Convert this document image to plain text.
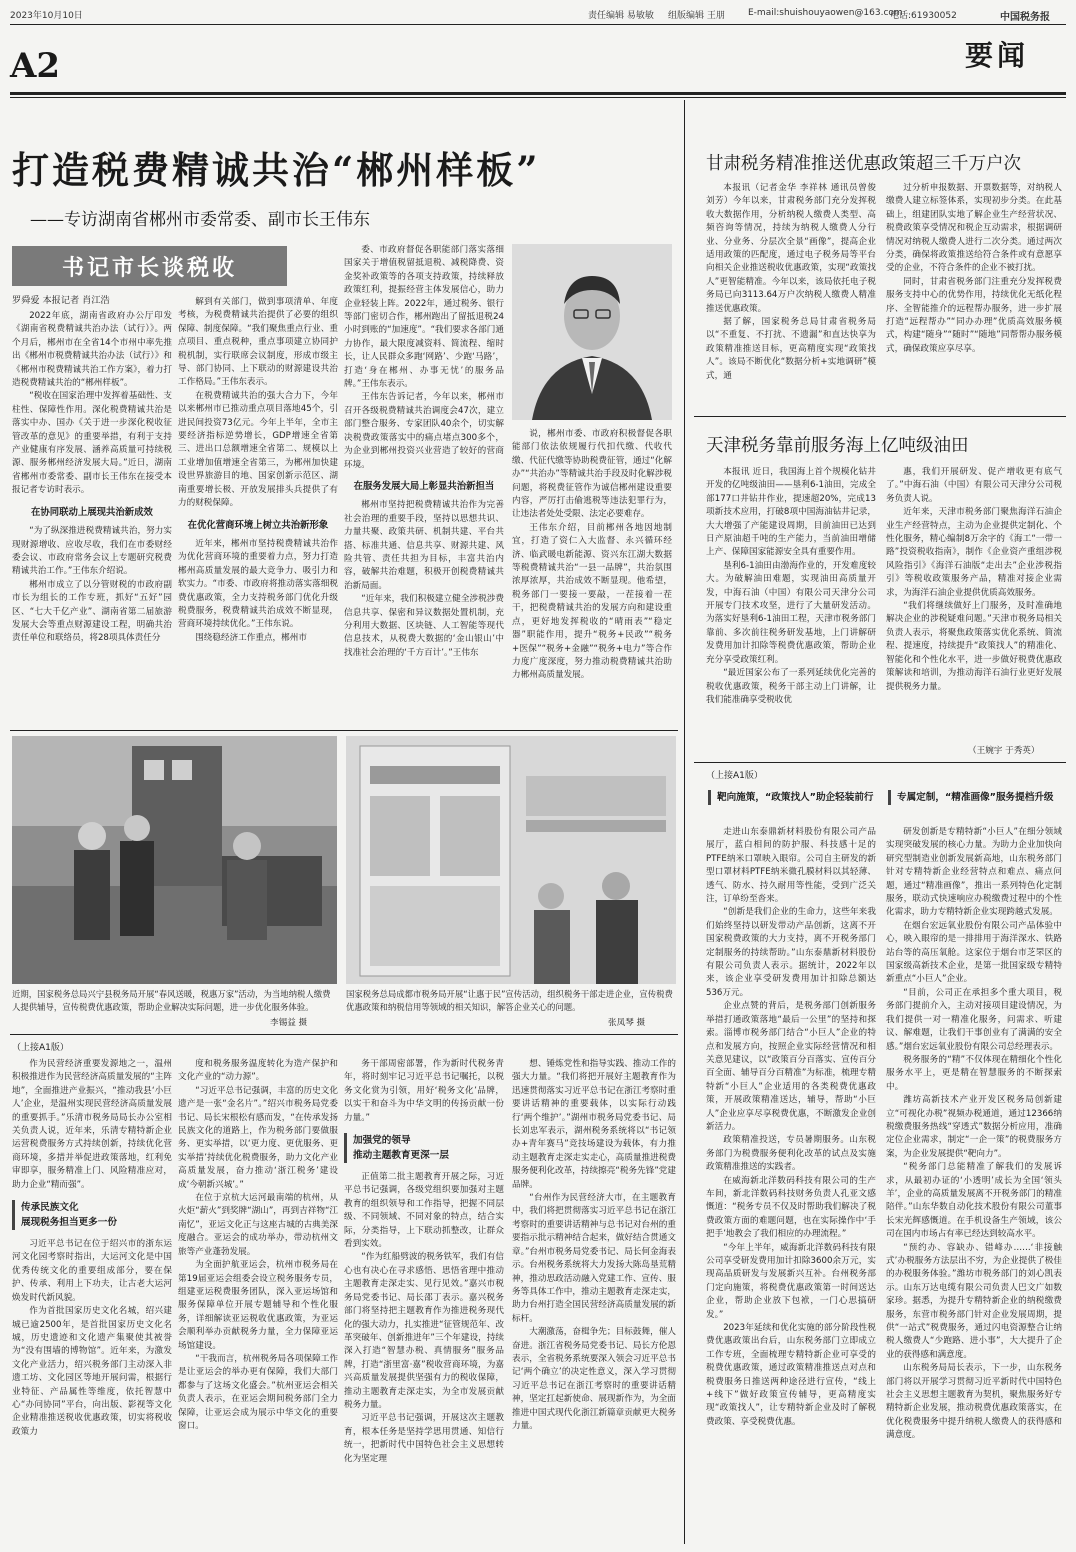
2023年10月10日	责任编辑 易敏敏 组版编辑 王朋	E-mail:shuishouyaowen@163.com
电话:61930052	中国税务报
A2	要闻
打造税费精诚共治“郴州样板”
——专访湖南省郴州市委常委、副市长王伟东
书记市长谈税收
罗舜爱 本报记者 肖江浩

2022年底，湖南省政府办公厅印发《湖南省税费精诚共治办法（试行）》。两个月后，郴州市在全省14个市州中率先推出《郴州市税费精诚共治办法（试行）》和《郴州市税费精诚共治工作方案》，着力打造税费精诚共治的“郴州样板”。

“税收在国家治理中发挥着基础性、支柱性、保障性作用。深化税费精诚共治是落实中办、国办《关于进一步深化税收征管改革的意见》的重要举措，有利于支持产业健康有序发展、涵养高质量可持续税源、服务郴州经济发展大局。”近日，湖南省郴州市委常委、副市长王伟东在接受本报记者专访时表示。

在协同联动上展现共治新成效

“为了纵深推进税费精诚共治，努力实现财源增收、应收尽收，我们在市委财经委会议、市政府常务会议上专题研究税费精诚共治工作。”王伟东介绍说。

郴州市成立了以分管财税的市政府副市长为组长的工作专班，抓好“五好”园区、“七大千亿产业”、湖南省第二届旅游发展大会等重点财源建设工程，明确共治责任单位和联络员，将28项具体责任分

解到有关部门，做到事项清单、年度考核，为税费精诚共治提供了必要的组织保障、制度保障。“我们聚焦重点行业、重点项目、重点税种，重点事项建立协同护税机制，实行联席会议制度，形成市级主导、部门协同、上下联动的财源建设共治工作格局。”王伟东表示。

在税费精诚共治的强大合力下，今年以来郴州市已推动重点项目落地45个，引进民间投资73亿元。今年上半年，全市主要经济指标逆势增长，GDP增速全省第三、进出口总额增速全省第二、规模以上工业增加值增速全省第三，为郴州加快建设世界旅游目的地、国家创新示范区、湖南重要增长极、开放发展排头兵提供了有力的财税保障。

在优化营商环境上树立共治新形象

近年来，郴州市坚持税费精诚共治作为优化营商环境的重要着力点，努力打造郴州高质量发展的最大竞争力、吸引力和软实力。“市委、市政府将推动落实落细税费优惠政策，全力支持税务部门优化升级税费服务，税费精诚共治成效不断显现，营商环境持续优化。”王伟东说。

围绕稳经济工作重点，郴州市

委、市政府督促各职能部门落实落细国家关于增值税留抵退税、减税降费、资金奖补政策等的各项支持政策，持续释放政策红利，提振经营主体发展信心，助力企业轻装上阵。2022年，通过税务、银行等部门密切合作，郴州跑出了留抵退税24小时到账的“加速度”。“我们要求各部门通力协作，最大限度减资料、简流程、缩时长，让人民群众多跑‘网路’、少跑‘马路’，打造‘身在郴州、办事无忧’的服务品牌。”王伟东表示。

王伟东告诉记者，今年以来，郴州市召开各级税费精诚共治调度会47次，建立部门整合服务、专家团队40余个，切实解决税费政策落实中的痛点堵点300多个，为企业到郴州投资兴业营造了较好的营商环境。

在服务发展大局上彰显共治新担当

郴州市坚持把税费精诚共治作为完善社会治理的重要手段，坚持以思想共识、力量共聚、政策共研、机制共建、平台共搭、标准共通、信息共享、财源共建、风险共管、责任共担为目标，丰富共治内容，破解共治难题，积极开创税费精诚共治新局面。

“近年来，我们积极建立健全涉税涉费信息共享、保密和异议数据处置机制，充分利用大数据、区块链、人工智能等现代信息技术，从税费大数据的‘金山银山’中找准社会治理的‘千方百计’。”王伟东

说，郴州市委、市政府积极督促各职能部门依法依规履行代扣代缴、代收代缴、代征代缴等协助税费征管，通过“化解办”“共治办”等精诚共治手段及时化解涉税问题，将税费征管作为诚信郴州建设重要内容，严厉打击偷逃税等违法犯罪行为，让违法者处处受限、法定必要难存。

王伟东介绍，目前郴州各地因地制宜，打造了资仁入大监督、永兴循环经济、临武暖电新能源、资兴东江湖大数据等税费精诚共治“一县一品牌”，共治氛围浓厚浓厚，共治成效不断显现。他希望，税务部门一要接一要敲，一茬接着一茬干，把税费精诚共治的发展方向和建设重点，更好地发挥税收的“晴雨表”“稳定器”职能作用，提升“税务+民政”“税务+医保”“税务+金融”“税务+电力”等合作力度广度深度，努力推动税费精诚共治助力郴州高质量发展。

近期，国家税务总局兴宁县税务局开展“春风送暖，税惠万家”活动，为当地纳税人缴费人提供辅导，宣传税费优惠政策，帮助企业解决实际问题，进一步优化服务体验。
李锡益 摄
国家税务总局成都市税务局开展“让惠于民”宣传活动，组织税务干部走进企业，宣传税费优惠政策和纳税信用等领域的相关知识，解答企业关心的问题。
张凤琴 摄
（上接A1版）

作为民营经济重要发源地之一，温州积极推进作为民营经济高质量发展的“主阵地”，全面推进产业振兴，“推动我县‘小巨人’企业，是温州实现民营经济高质量发展的重要抓手。”乐清市税务局局长办公室相关负责人说，近年来，乐清专精特新企业运营税费服务方式持续创新，持续优化营商环境，多措并举促进政策落地，红利免审即享，服务精准上门、风险精准应对，助力企业“精而强”。

传承民族文化
展现税务担当更多一份

习近平总书记在位于绍兴市的浙东运河文化园考察时指出，大运河文化是中国优秀传统文化的重要组成部分，要在保护、传承、利用上下功夫，让古老大运河焕发时代新风貌。

作为首批国家历史文化名城，绍兴建城已逾2500年，是首批国家历史文化名城，历史遗迹和文化遗产集聚使其被誉为“没有围墙的博物馆”。近年来，为激发文化产业活力，绍兴税务部门主动深入非遗工坊、文化园区等地开展问需，根据行业特征、产品属性等维度，依托智慧中心“办问协同”平台，向出版、影视等文化企业精准推送税收优惠政策，切实将税收政策力

度和税务服务温度转化为造产保护和文化产业的“动力源”。

“习近平总书记强调，丰富的历史文化遗产是一张“金名片”。”绍兴市税务局党委书记、局长宋根松有感而发，“在传承发扬民族文化的道路上，作为税务部门要做服务、更实举措，以‘更力度、更优服务、更实举措’持续优化税费服务，助力文化产业高质量发展，奋力推动‘浙江税务’建设成‘今朝新兴城’。”

在位于京杭大运河最南端的杭州，从火炬“薪火”到奖牌“湖山”，再到吉祥物“江南忆”，亚运文化正与这座古城的古典美深度融合。亚运会的成功举办，带动杭州文旅等产业蓬勃发展。

为全面护航亚运会，杭州市税务局在第19届亚运会组委会设立税务服务专员，组建亚运税费服务团队，深入亚运场馆和服务保障单位开展专题辅导和个性化服务，详细解读亚运税收优惠政策，为亚运会顺利举办贡献税务力量，全力保障亚运场馆建设。

“干我而言，杭州税务局各项保障工作是让亚运会的举办更有保障，我们大部门都参与了这场文化盛会。”杭州亚运会相关负责人表示，在亚运会期间税务部门全力保障，让亚运会成为展示中华文化的重要窗口。

务干部周密部署，作为新时代税务青年，将时刻牢记习近平总书记嘱托，以税务文化赏为引领，用好‘税务文化’品牌，以实干和奋斗为中华文明的传扬贡献一份力量。”

加强党的领导
推动主题教育更深一层

正值第二批主题教育开展之际，习近平总书记强调，各级党组织要加强对主题教育的组织领导和工作指导，把握不同层级、不同领域、不同对象的特点，结合实际，分类指导，上下联动抓整改，让群众看到实效。

“作为红船劈波的税务铁军，我们有信心也有决心在寻求感悟、思悟省理中推动主题教育走深走实、见行见效。”嘉兴市税务局党委书记、局长邵丁表示。嘉兴税务部门将坚持把主题教育作为推进税务现代化的强大动力，扎实推进“征管规范年、改革突破年、创新推进年”三个年建设，持续深入打造“智慧办税、真情服务”服务品牌，打造“浙里富·嘉”税收营商环境，为嘉兴高质量发展提供坚强有力的税收保障，推动主题教育走深走实，为全市发展贡献税务力量。

习近平总书记强调，开展这次主题教育，根本任务是坚持学思用贯通、知信行统一，把新时代中国特色社会主义思想转化为坚定理

想、锤炼党性和指导实践、推动工作的强大力量。“我们将把开展好主题教育作为迅速贯彻落实习近平总书记在浙江考察时重要讲话精神的重要载体，以实际行动践行‘两个维护’。”湖州市税务局党委书记、局长刘忠军表示，湖州税务系统将以“书记领办+青年赛马”竞技场建设为载体，有力推动主题教育走深走实走心，高质量推进税费服务便利化改革，持续擦亮“税务先锋”党建品牌。

“台州作为民营经济大市，在主题教育中，我们将把贯彻落实习近平总书记在浙江考察时的重要讲话精神与总书记对台州的重要指示批示精神结合起来，做好结合贯通文章。”台州市税务局党委书记、局长何金海表示。台州税务系统将大力发扬大陈岛垦荒精神，推动思政活动融入党建工作、宣传、服务等具体工作中，推动主题教育走深走实，助力台州打造全国民营经济高质量发展的新标杆。

大潮激荡，奋楫争先；目标鼓舞，催人奋进。浙江省税务局党委书记、局长方伦恩表示，全省税务系统要深入领会习近平总书记‘两个确立’的决定性意义，深入学习贯彻习近平总书记在浙江考察时的重要讲话精神，坚定扛起新使命、展现新作为，为全面推进中国式现代化浙江新篇章贡献更大税务力量。

甘肃税务精准推送优惠政策超三千万户次

本报讯（记者金华 李祥林 通讯员曾俊 刘芳）今年以来，甘肃税务部门充分发挥税收大数据作用，分析纳税人缴费人类型、高频咨询等情况，持续为纳税人缴费人分行业、分业务、分层次全景“画像”，提高企业适用政策的匹配度，通过电子税务局等平台向相关企业推送税收优惠政策，实现“政策找人”更智能精准。今年以来，该局依托电子税务局已向3113.64万户次纳税人缴费人精准推送优惠政策。

据了解，国家税务总局甘肃省税务局以“不重复、不打扰、不遗漏”和直达快享为政策精准推送目标，更高精度实现“政策找人”。该局不断优化“数据分析+实地调研”模式，通

过分析申报数据、开票数据等，对纳税人缴费人建立标签体系，实现初步分类。在此基础上，组建团队实地了解企业生产经营状况、税费政策享受情况和税企互动需求，根据调研情况对纳税人缴费人进行二次分类。通过两次分类，确保将政策推送给符合条件或有意愿享受的企业，不符合条件的企业不被打扰。

同时，甘肃省税务部门注重充分发挥税费服务支持中心的优势作用，持续优化无纸化程序、全智能推介的远程帮办服务，进一步扩展打造“远程帮办”“同办办理”优质高效服务模式，构建“随身”“随时”“随地”同帮帮办服务模式，确保政策应享尽享。

天津税务靠前服务海上亿吨级油田

本报讯 近日，我国海上首个规模化钻井开发的亿吨级油田——垦利6-1油田，完成全部177口井钻井作业，提速超20%，完成13项新技术应用，打破8项中国海油钻井记录，大大增强了产能建设周期，目前油田已达到日产原油超千吨的生产能力，当前油田增储上产、保障国家能源安全具有重要作用。

垦利6-1油田由渤海作业的，开发难度较大。为破解油田难题，实现油田高质量开发，中海石油（中国）有限公司天津分公司开展专门技术攻坚，进行了大量研发活动。为落实好垦利6-1油田工程，天津市税务部门靠前、多次前往税务研发基地，上门讲解研发费用加计扣除等税费优惠政策，帮助企业充分享受政策红利。

“最近国家公布了一系列延续优化完善的税收优惠政策，税务干部主动上门讲解，让我们能准确享受税收优

惠，我们开展研发、促产增收更有底气了。”中海石油（中国）有限公司天津分公司税务负责人说。

近年来，天津市税务部门聚焦海洋石油企业生产经营特点，主动为企业提供定制化、个性化服务，精心编制8万余字的《海工“一带一路”投资税收指南》，制作《企业资产重组涉税风险指引》《海洋石油版“走出去”企业涉税指引》等税收政策服务产品，精准对接企业需求，为海洋石油企业提供优质高效服务。

“我们将继续做好上门服务，及时准确地解决企业的涉税疑难问题。”天津市税务局相关负责人表示，将聚焦政策落实优化系统、简流程、提速度，持续提升“政策找人”的精准化、智能化和个性化水平，进一步做好税费优惠政策解读和培训，为推动海洋石油行业更好发展提供税务力量。

（王婉宇 于秀英）
（上接A1版）
靶向施策，“政策找人”助企轻装前行	专属定制，“精准画像”服务提档升级

走进山东泰鼎新材料股份有限公司产品展厅，蓝白相间的防护服、科技感十足的PTFE纳米口罩映入眼帘。公司自主研发的新型口罩材料PTFE纳米微孔膜材料以其轻薄、透气、防水、持久耐用等性能，受到广泛关注，订单纷至沓来。

“创新是我们企业的生命力，这些年来我们始终坚持以研发带动产品创新，这离不开国家税费政策的大力支持，离不开税务部门定制服务的持续帮助。”山东泰鼎新材料股份有限公司负责人表示。据统计，2022年以来，该企业享受研发费用加计扣除总额达536万元。

企业点赞的背后，是税务部门创新服务举措打通政策落地“最后一公里”的坚持和探索。淄博市税务部门结合“小巨人”企业的特点和发展方向，按照企业实际经营情况和相关意见建议，以“政策百分百落实、宣传百分百全面、辅导百分百精准”为标准，梳理专精特新“小巨人”企业适用的各类税费优惠政策，开展政策精准送达，辅导，帮助“小巨人”企业应享尽享税费优惠，不断激发企业创新活力。

政策精准投送，专员暑期服务。山东税务部门为税费服务便利化改革的试点及实施政策精准推送的实践者。

在威海新北洋数码科技有限公司的生产车间，新北洋数码科技财务负责人孔亚文感慨道：“税务专员不仅及时帮助我们解决了税费政策方面的难题问题，也在实际操作中‘手把手’地教会了我们相应的办理流程。”

“今年上半年，威海新北洋数码科技有限公司享受研发费用加计扣除3600余万元，实现高品质研发与发展新兴互补。台州税务部门定向施策，将税费优惠政策第一时间送达企业，帮助企业放下包袱，一门心思搞研发。”

2023年延续和优化实施的部分阶段性税费优惠政策出台后，山东税务部门立即成立工作专班，全面梳理专精特新企业可享受的税费优惠政策，通过政策精准推送点对点和税费服务日推送两种途径进行宣传，“线上+线下”做好政策宣传辅导，更高精度实现“政策找人”，让专精特新企业及时了解税费政策、享受税费优惠。

研发创新是专精特新“小巨人”在细分领域实现突破发展的核心力量。为助力企业加快向研究型制造业创新发展新高地，山东税务部门针对专精特新企业经营特点和难点、痛点问题，通过“精准画像”，推出一系列特色化定制服务，联动式快速响应办税缴费过程中的个性化需求，助力专精特新企业实现跨越式发展。

在烟台宏远氧业股份有限公司产品体验中心，映入眼帘的是一排排用于海洋深水、铁路站台等的高压氧舱。这家位于烟台市芝罘区的国家级高新技术企业，是第一批国家级专精特新重点“小巨人”企业。

“目前，公司正在承担多个重大项目，税务部门提前介入，主动对接项目建设情况，为我们提供一对一精准化服务，问需求、听建议、解难题，让我们干事创业有了满满的安全感。”烟台宏远氧业股份有限公司总经理表示。

税务服务的“精”不仅体现在精细化个性化服务水平上，更是精在智慧服务的不断探索中。

潍坊高新技术产业开发区税务局创新建立“可视化办税”视频办税通道，通过12366纳税缴费服务热线“穿透式”数据分析应用，准确定位企业需求，制定“一企一策”的税费服务方案，为企业发展提供“靶向力”。

“税务部门总能精准了解我们的发展诉求，从最初办证的‘小透明’成长为全国‘领头羊’，企业的高质量发展离不开税务部门的精准陪伴。”山东华数自动化技术股份有限公司董事长宋光辉感慨道。在手机设备生产领域，该公司在国内市场占有率已经达到较高水平。

“预约办、容缺办、错峰办……‘非接触式’办税服务方法层出不穷，为企业提供了极佳的办税服务体验。”潍坊市税务部门的刘心凯表示。山东万达电缆有限公司负责人巴文广如数家珍。据悉，为提升专精特新企业的纳税缴费服务，东营市税务部门针对企业发展周期，提供“一站式”税费服务，通过闪电资源整合让纳税人缴费人“少跑路、进小事”，大大提升了企业的获得感和满意度。

山东税务局局长表示，下一步，山东税务部门将以开展学习贯彻习近平新时代中国特色社会主义思想主题教育为契机，聚焦服务好专精特新企业发展，推动税费优惠政策落实，在优化税费服务中提升纳税人缴费人的获得感和满意度。
